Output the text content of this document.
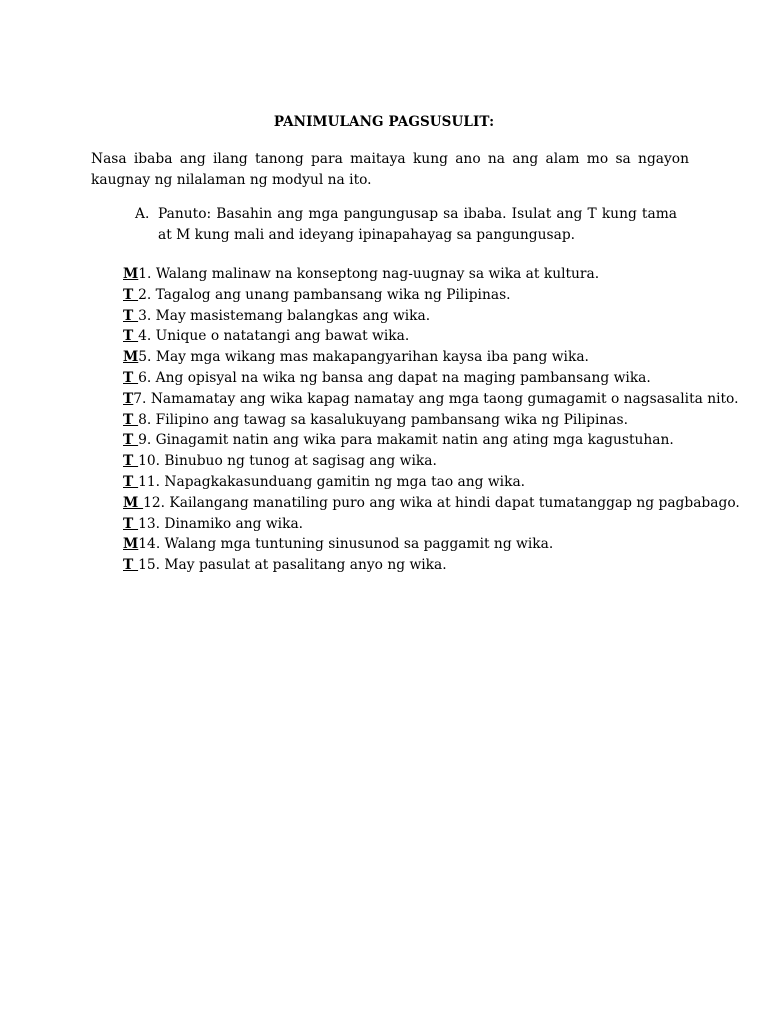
PANIMULANG PAGSUSULIT:
Nasa ibaba ang ilang tanong para maitaya kung ano na ang alam mo sa ngayon kaugnay ng nilalaman ng modyul na ito.
A. Panuto: Basahin ang mga pangungusap sa ibaba. Isulat ang T kung tama at M kung mali and ideyang ipinapahayag sa pangungusap.
M1. Walang malinaw na konseptong nag-uugnay sa wika at kultura.
T 2. Tagalog ang unang pambansang wika ng Pilipinas.
T 3. May masistemang balangkas ang wika.
T 4. Unique o natatangi ang bawat wika.
M5. May mga wikang mas makapangyarihan kaysa iba pang wika.
T 6. Ang opisyal na wika ng bansa ang dapat na maging pambansang wika.
T7. Namamatay ang wika kapag namatay ang mga taong gumagamit o nagsasalita nito.
T 8. Filipino ang tawag sa kasalukuyang pambansang wika ng Pilipinas.
T 9. Ginagamit natin ang wika para makamit natin ang ating mga kagustuhan.
T 10. Binubuo ng tunog at sagisag ang wika.
T 11. Napagkakasunduang gamitin ng mga tao ang wika.
M 12. Kailangang manatiling puro ang wika at hindi dapat tumatanggap ng pagbabago.
T 13. Dinamiko ang wika.
M14. Walang mga tuntuning sinusunod sa paggamit ng wika.
T 15. May pasulat at pasalitang anyo ng wika.
